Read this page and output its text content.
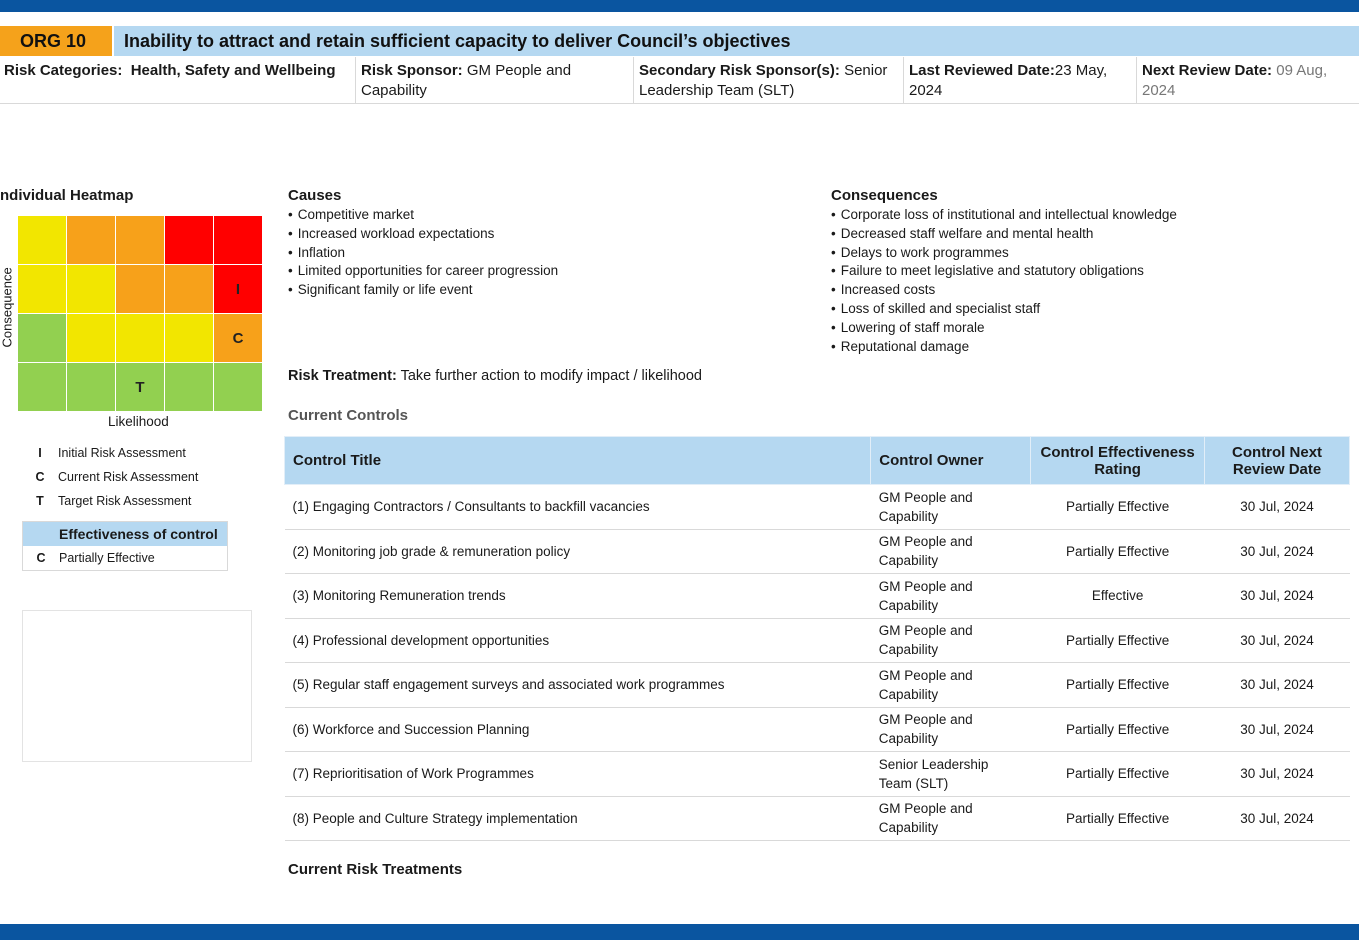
ORG 10	Inability to attract and retain sufficient capacity to deliver Council’s objectives
Risk Categories: Health, Safety and Wellbeing	Risk Sponsor: GM People and Capability
Secondary Risk Sponsor(s): Senior Leadership Team (SLT)
Last Reviewed Date:23 May, 2024
Next Review Date: 09 Aug, 2024
ndividual Heatmap
Consequence	I
C
T
Likelihood
I	Initial Risk Assessment
C	Current Risk Assessment
T	Target Risk Assessment
Effectiveness of control
C	Partially Effective
Causes
• Competitive market
• Increased workload expectations
• Inflation
• Limited opportunities for career progression
• Significant family or life event
Consequences
• Corporate loss of institutional and intellectual knowledge
• Decreased staff welfare and mental health
• Delays to work programmes
• Failure to meet legislative and statutory obligations
• Increased costs
• Loss of skilled and specialist staff
• Lowering of staff morale
• Reputational damage
Risk Treatment: Take further action to modify impact / likelihood
Current Controls
Control Title	Control Owner	Control Effectiveness Rating	Control Next Review Date
(1) Engaging Contractors / Consultants to backfill vacancies	GM People and Capability	Partially Effective	30 Jul, 2024
(2) Monitoring job grade & remuneration policy	GM People and Capability	Partially Effective	30 Jul, 2024
(3) Monitoring Remuneration trends	GM People and Capability	Effective	30 Jul, 2024
(4) Professional development opportunities	GM People and Capability	Partially Effective	30 Jul, 2024
(5) Regular staff engagement surveys and associated work programmes	GM People and Capability	Partially Effective	30 Jul, 2024
(6) Workforce and Succession Planning	GM People and Capability	Partially Effective	30 Jul, 2024
(7) Reprioritisation of Work Programmes	Senior Leadership Team (SLT)	Partially Effective	30 Jul, 2024
(8) People and Culture Strategy implementation	GM People and Capability	Partially Effective	30 Jul, 2024
Current Risk Treatments
